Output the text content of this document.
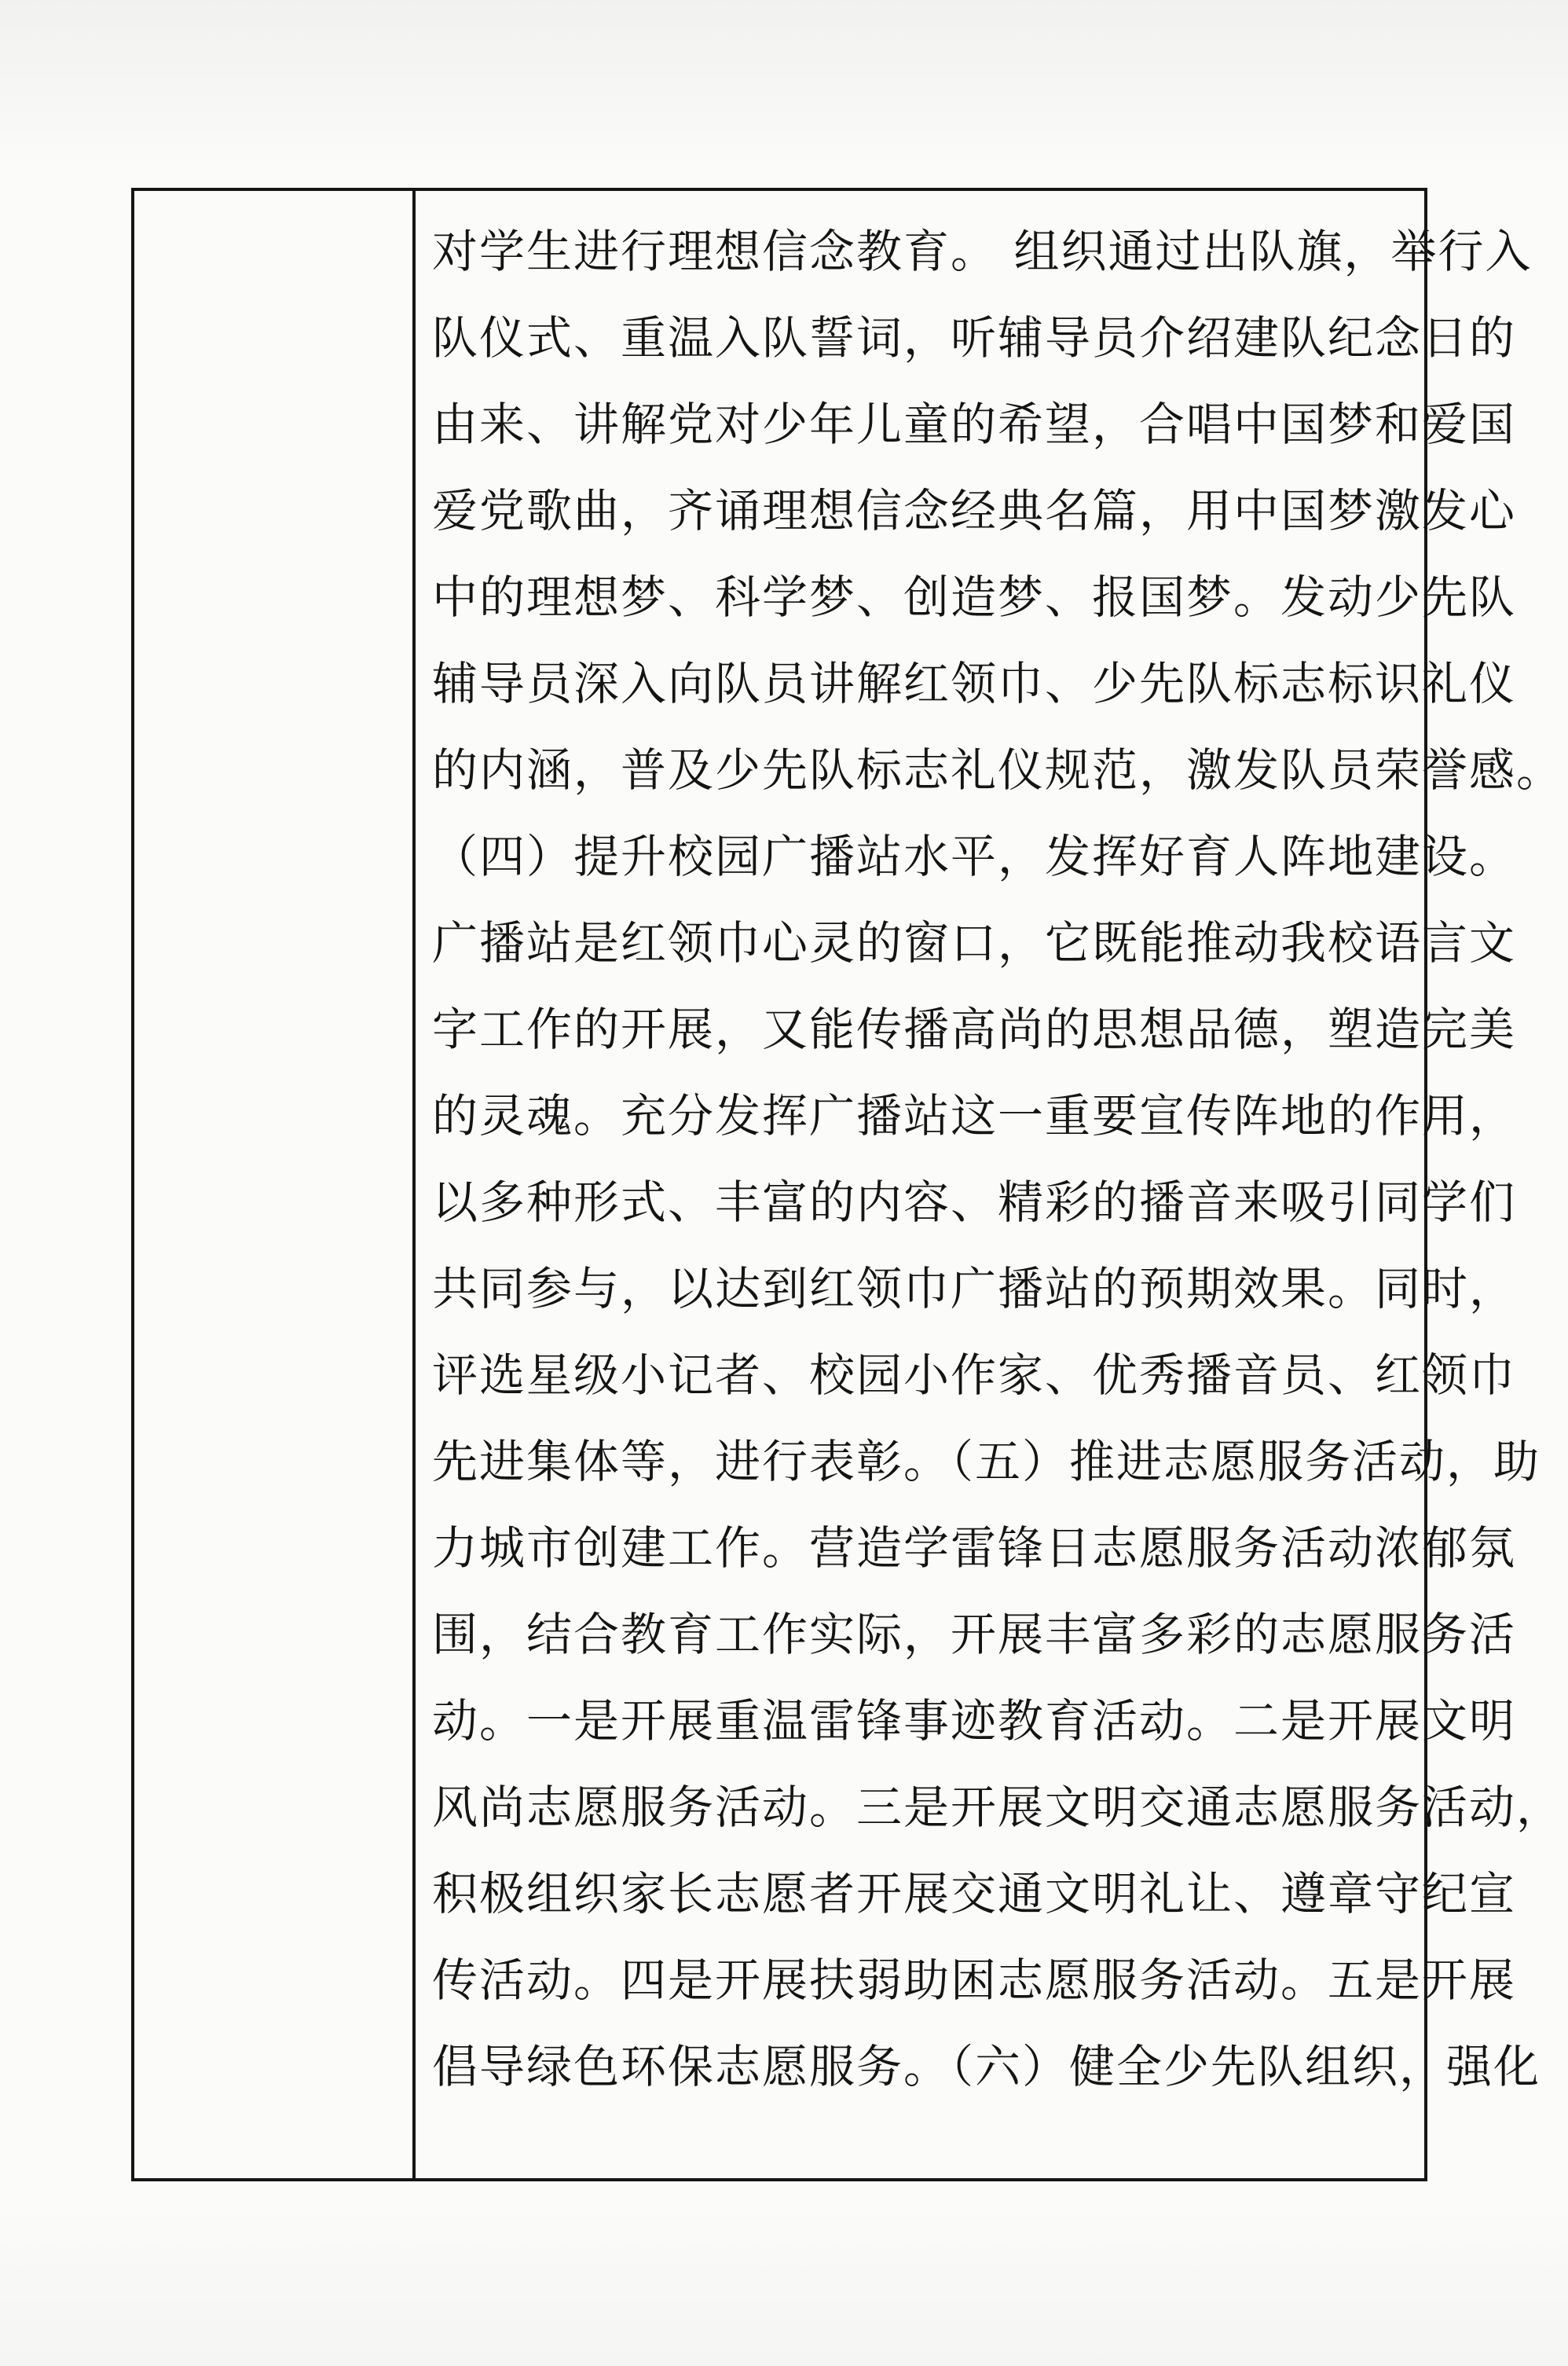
对学生进行理想信念教育。 组织通过出队旗，举行入
队仪式、重温入队誓词，听辅导员介绍建队纪念日的
由来、讲解党对少年儿童的希望，合唱中国梦和爱国
爱党歌曲，齐诵理想信念经典名篇，用中国梦激发心
中的理想梦、科学梦、创造梦、报国梦。发动少先队
辅导员深入向队员讲解红领巾、少先队标志标识礼仪
的内涵，普及少先队标志礼仪规范，激发队员荣誉感。
（四）提升校园广播站水平，发挥好育人阵地建设。
广播站是红领巾心灵的窗口，它既能推动我校语言文
字工作的开展，又能传播高尚的思想品德，塑造完美
的灵魂。充分发挥广播站这一重要宣传阵地的作用，
以多种形式、丰富的内容、精彩的播音来吸引同学们
共同参与，以达到红领巾广播站的预期效果。同时，
评选星级小记者、校园小作家、优秀播音员、红领巾
先进集体等，进行表彰。（五）推进志愿服务活动，助
力城市创建工作。营造学雷锋日志愿服务活动浓郁氛
围，结合教育工作实际，开展丰富多彩的志愿服务活
动。一是开展重温雷锋事迹教育活动。二是开展文明
风尚志愿服务活动。三是开展文明交通志愿服务活动，
积极组织家长志愿者开展交通文明礼让、遵章守纪宣
传活动。四是开展扶弱助困志愿服务活动。五是开展
倡导绿色环保志愿服务。（六）健全少先队组织，强化
